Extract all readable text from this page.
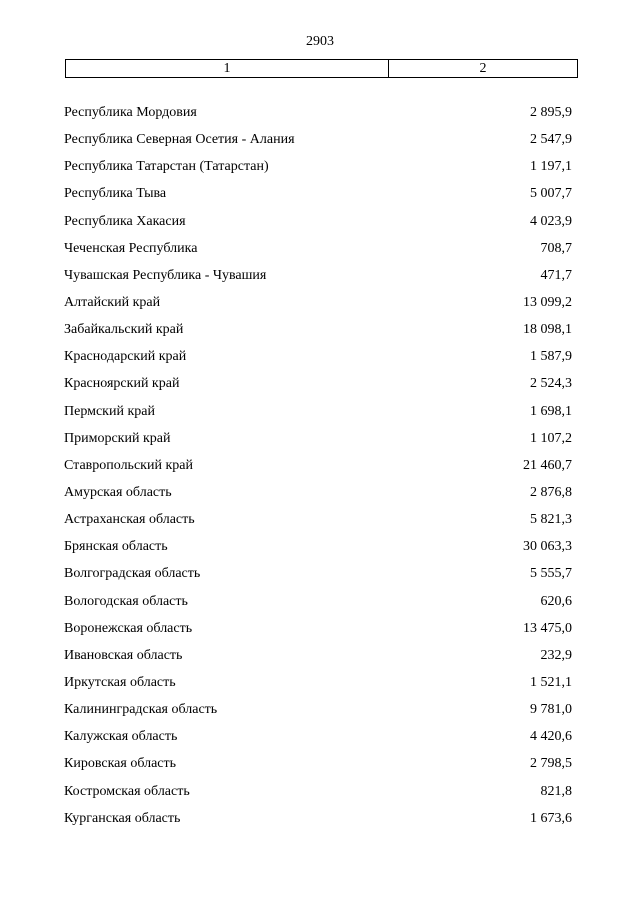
2903
1	2
Республика Мордовия	2 895,9
Республика Северная Осетия - Алания	2 547,9
Республика Татарстан (Татарстан)	1 197,1
Республика Тыва	5 007,7
Республика Хакасия	4 023,9
Чеченская Республика	708,7
Чувашская Республика - Чувашия	471,7
Алтайский край	13 099,2
Забайкальский край	18 098,1
Краснодарский край	1 587,9
Красноярский край	2 524,3
Пермский край	1 698,1
Приморский край	1 107,2
Ставропольский край	21 460,7
Амурская область	2 876,8
Астраханская область	5 821,3
Брянская область	30 063,3
Волгоградская область	5 555,7
Вологодская область	620,6
Воронежская область	13 475,0
Ивановская область	232,9
Иркутская область	1 521,1
Калининградская область	9 781,0
Калужская область	4 420,6
Кировская область	2 798,5
Костромская область	821,8
Курганская область	1 673,6
